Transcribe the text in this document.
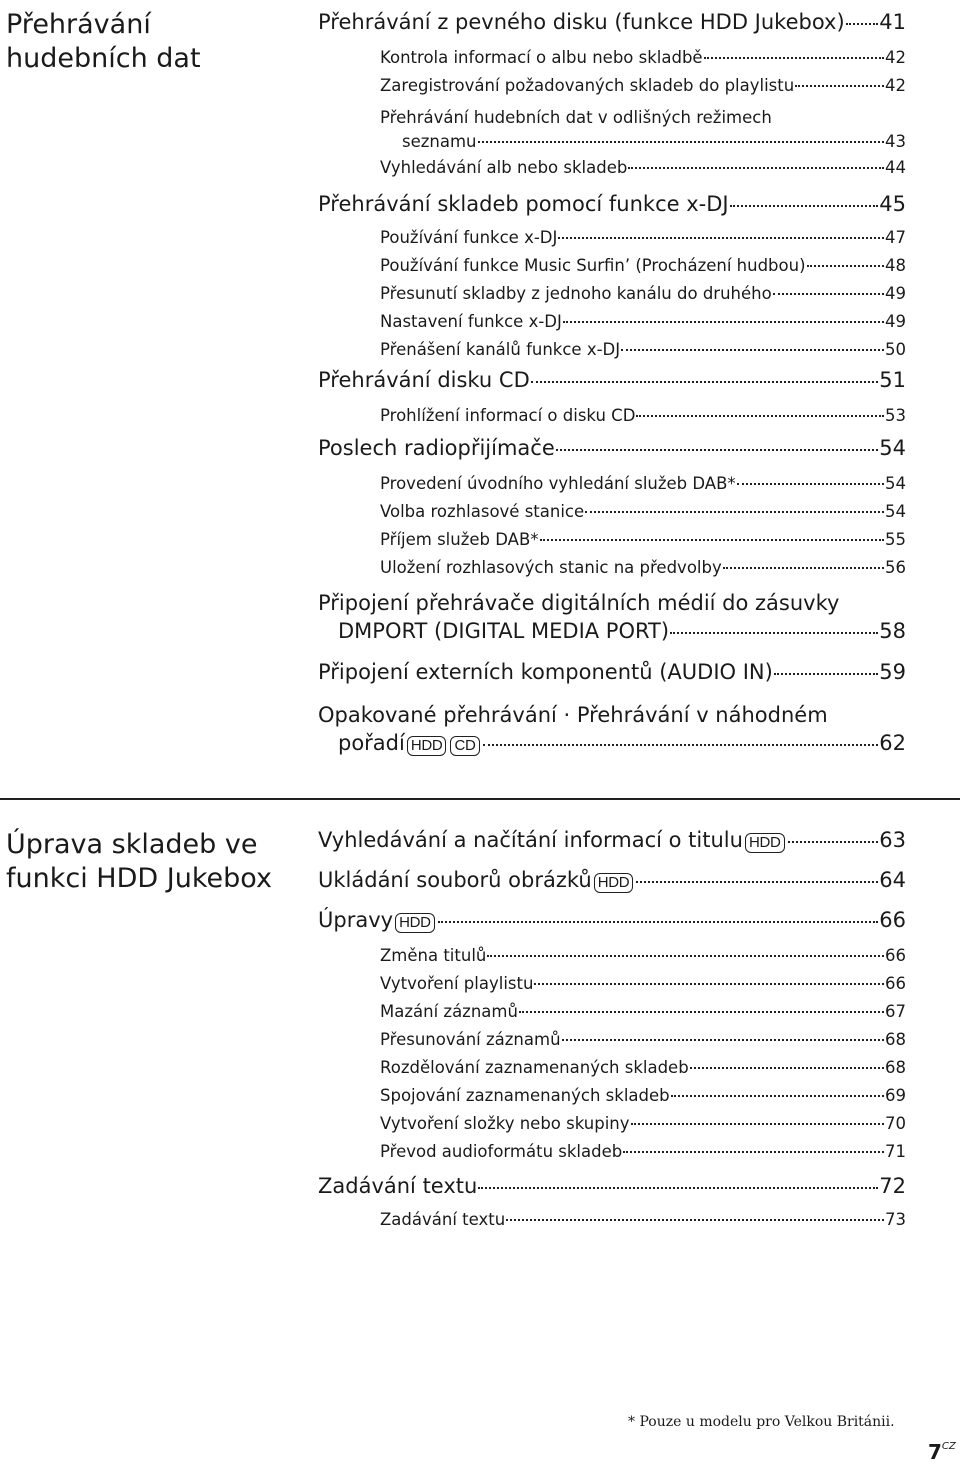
Přehrávání hudebních dat
Přehrávání z pevného disku (funkce HDD Jukebox) 41
Kontrola informací o albu nebo skladbě	42
Zaregistrování požadovaných skladeb do playlistu	42
Přehrávání hudebních dat v odlišných režimech
seznamu	43
Vyhledávání alb nebo skladeb	44
Přehrávání skladeb pomocí funkce x-DJ	45
Používání funkce x-DJ	47
Používání funkce Music Surfin’ (Procházení hudbou)	48
Přesunutí skladby z jednoho kanálu do druhého	49
Nastavení funkce x-DJ	49
Přenášení kanálů funkce x-DJ	50
Přehrávání disku CD	51
Prohlížení informací o disku CD	53
Poslech radiopřijímače	54
Provedení úvodního vyhledání služeb DAB*	54
Volba rozhlasové stanice	54
Příjem služeb DAB*	55
Uložení rozhlasových stanic na předvolby	56
Připojení přehrávače digitálních médií do zásuvky
DMPORT (DIGITAL MEDIA PORT)	58
Připojení externích komponentů (AUDIO IN)	59
Opakované přehrávání · Přehrávání v náhodném
pořadí HDD CD	62
Úprava skladeb ve funkci HDD Jukebox
Vyhledávání a načítání informací o titulu HDD	63
Ukládání souborů obrázků HDD	64
Úpravy HDD	66
Změna titulů	66
Vytvoření playlistu	66
Mazání záznamů	67
Přesunování záznamů	68
Rozdělování zaznamenaných skladeb	68
Spojování zaznamenaných skladeb	69
Vytvoření složky nebo skupiny	70
Převod audioformátu skladeb	71
Zadávání textu	72
Zadávání textu	73
* Pouze u modelu pro Velkou Británii.
$7^{CZ}$
